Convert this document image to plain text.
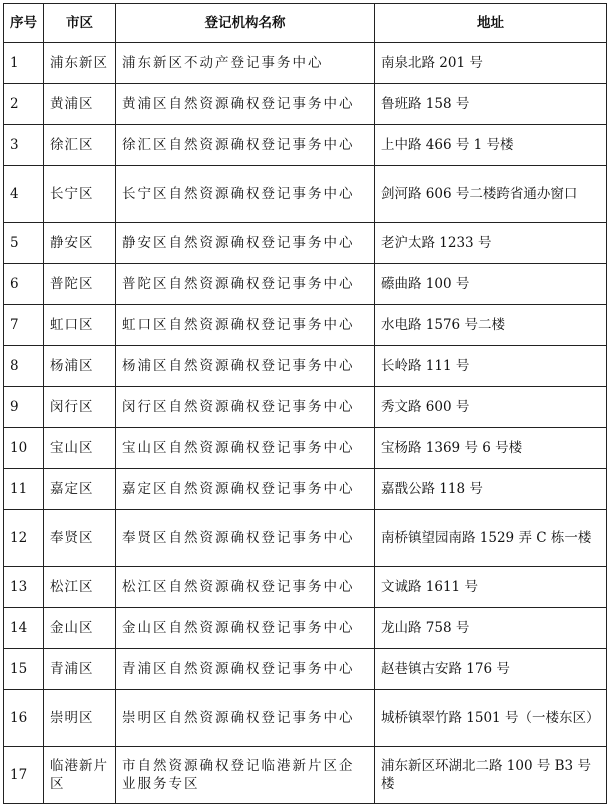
序号	市区	登记机构名称	地址
1	浦东新区	浦东新区不动产登记事务中心	南泉北路 201 号
2	黄浦区	黄浦区自然资源确权登记事务中心	鲁班路 158 号
3	徐汇区	徐汇区自然资源确权登记事务中心	上中路 466 号 1 号楼
4	长宁区	长宁区自然资源确权登记事务中心	剑河路 606 号二楼跨省通办窗口
5	静安区	静安区自然资源确权登记事务中心	老沪太路 1233 号
6	普陀区	普陀区自然资源确权登记事务中心	礤曲路 100 号
7	虹口区	虹口区自然资源确权登记事务中心	水电路 1576 号二楼
8	杨浦区	杨浦区自然资源确权登记事务中心	长岭路 111 号
9	闵行区	闵行区自然资源确权登记事务中心	秀文路 600 号
10	宝山区	宝山区自然资源确权登记事务中心	宝杨路 1369 号 6 号楼
11	嘉定区	嘉定区自然资源确权登记事务中心	嘉戬公路 118 号
12	奉贤区	奉贤区自然资源确权登记事务中心	南桥镇望园南路 1529 弄 C 栋一楼
13	松江区	松江区自然资源确权登记事务中心	文诚路 1611 号
14	金山区	金山区自然资源确权登记事务中心	龙山路 758 号
15	青浦区	青浦区自然资源确权登记事务中心	赵巷镇古安路 176 号
16	崇明区	崇明区自然资源确权登记事务中心	城桥镇翠竹路 1501 号（一楼东区）
17	临港新片区	市自然资源确权登记临港新片区企业服务专区	浦东新区环湖北二路 100 号 B3 号楼
